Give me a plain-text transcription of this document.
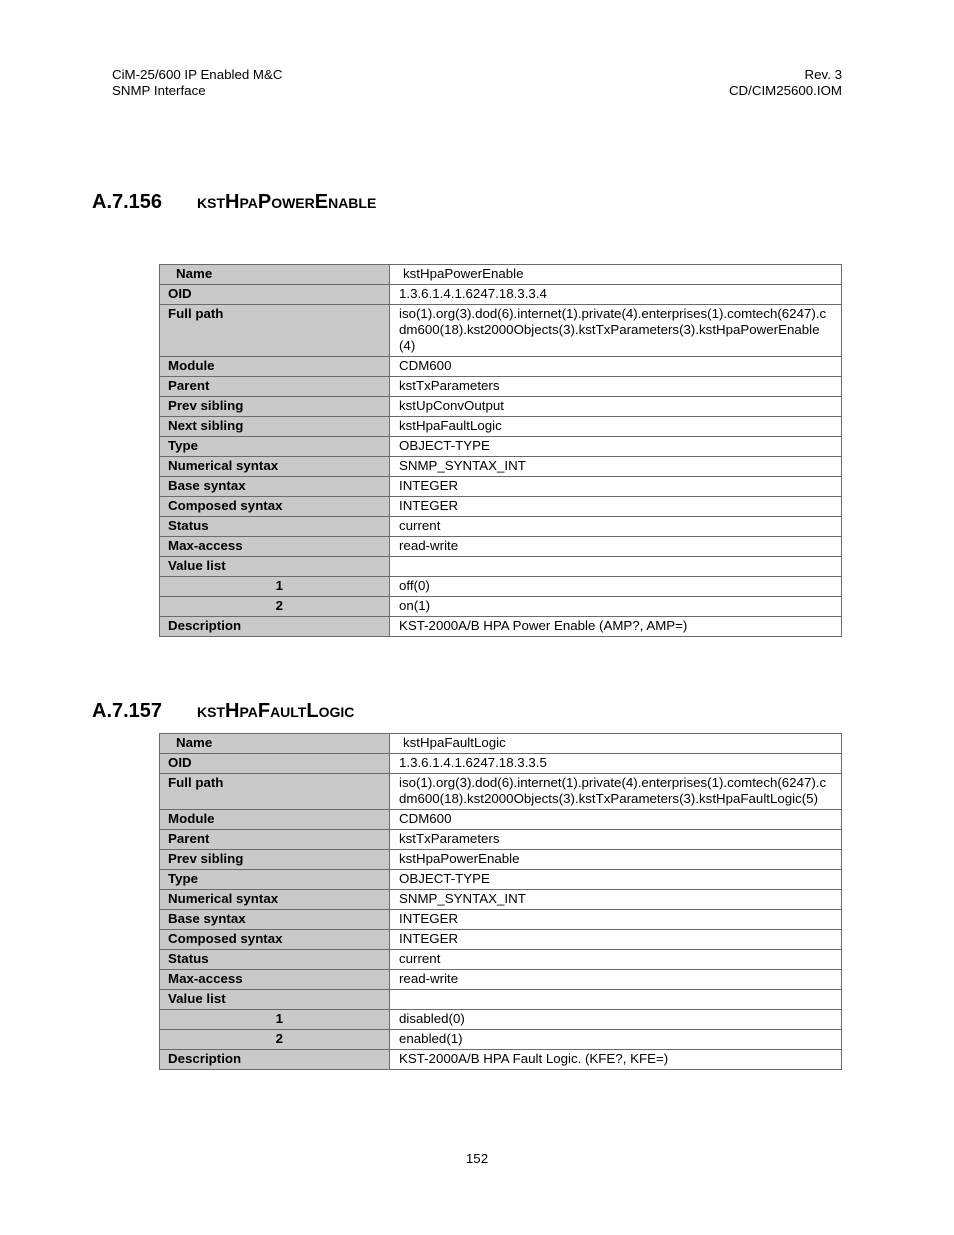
CiM-25/600 IP Enabled M&C
SNMP Interface
Rev. 3
CD/CIM25600.IOM
A.7.156 kstHpaPowerEnable
Name	kstHpaPowerEnable
OID	1.3.6.1.4.1.6247.18.3.3.4
Full path	iso(1).org(3).dod(6).internet(1).private(4).enterprises(1).comtech(6247).cdm600(18).kst2000Objects(3).kstTxParameters(3).kstHpaPowerEnable(4)
Module	CDM600
Parent	kstTxParameters
Prev sibling	kstUpConvOutput
Next sibling	kstHpaFaultLogic
Type	OBJECT-TYPE
Numerical syntax	SNMP_SYNTAX_INT
Base syntax	INTEGER
Composed syntax	INTEGER
Status	current
Max-access	read-write
Value list	
1	off(0)
2	on(1)
Description	KST-2000A/B HPA Power Enable (AMP?, AMP=)
A.7.157 kstHpaFaultLogic
Name	kstHpaFaultLogic
OID	1.3.6.1.4.1.6247.18.3.3.5
Full path	iso(1).org(3).dod(6).internet(1).private(4).enterprises(1).comtech(6247).cdm600(18).kst2000Objects(3).kstTxParameters(3).kstHpaFaultLogic(5)
Module	CDM600
Parent	kstTxParameters
Prev sibling	kstHpaPowerEnable
Type	OBJECT-TYPE
Numerical syntax	SNMP_SYNTAX_INT
Base syntax	INTEGER
Composed syntax	INTEGER
Status	current
Max-access	read-write
Value list	
1	disabled(0)
2	enabled(1)
Description	KST-2000A/B HPA Fault Logic. (KFE?, KFE=)
152
